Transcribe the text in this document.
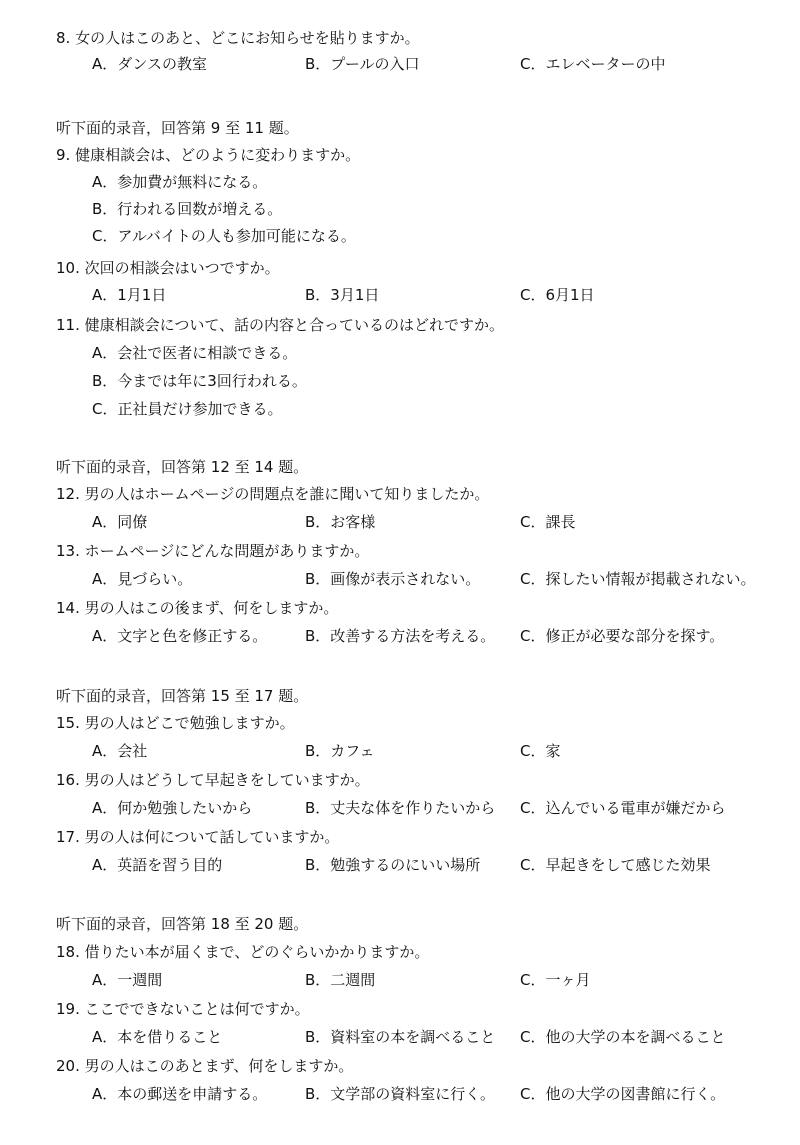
8. 女の人はこのあと、どこにお知らせを貼りますか。
A．ダンスの教室	B．プールの入口	C．エレベーターの中
听下面的录音，回答第 9 至 11 题。
9. 健康相談会は、どのように変わりますか。
A．参加費が無料になる。
B．行われる回数が増える。
C．アルバイトの人も参加可能になる。
10. 次回の相談会はいつですか。
A．1月1日	B．3月1日	C．6月1日
11. 健康相談会について、話の内容と合っているのはどれですか。
A．会社で医者に相談できる。
B．今までは年に3回行われる。
C．正社員だけ参加できる。
听下面的录音，回答第 12 至 14 题。
12. 男の人はホームページの問題点を誰に聞いて知りましたか。
A．同僚	B．お客様	C．課長
13. ホームページにどんな問題がありますか。
A．見づらい。	B．画像が表示されない。	C．探したい情報が掲載されない。
14. 男の人はこの後まず、何をしますか。
A．文字と色を修正する。	B．改善する方法を考える。 C．修正が必要な部分を探す。
听下面的录音，回答第 15 至 17 题。
15. 男の人はどこで勉強しますか。
A．会社	B．カフェ	C．家
16. 男の人はどうして早起きをしていますか。
A．何か勉強したいから	B．丈夫な体を作りたいから C．込んでいる電車が嫌だから
17. 男の人は何について話していますか。
A．英語を習う目的	B．勉強するのにいい場所	C．早起きをして感じた効果
听下面的录音，回答第 18 至 20 题。
18. 借りたい本が届くまで、どのぐらいかかりますか。
A．一週間	B．二週間	C．一ヶ月
19. ここでできないことは何ですか。
A．本を借りること	B．資料室の本を調べること C．他の大学の本を調べること
20. 男の人はこのあとまず、何をしますか。
A．本の郵送を申請する。	B．文学部の資料室に行く。 C．他の大学の図書館に行く。
